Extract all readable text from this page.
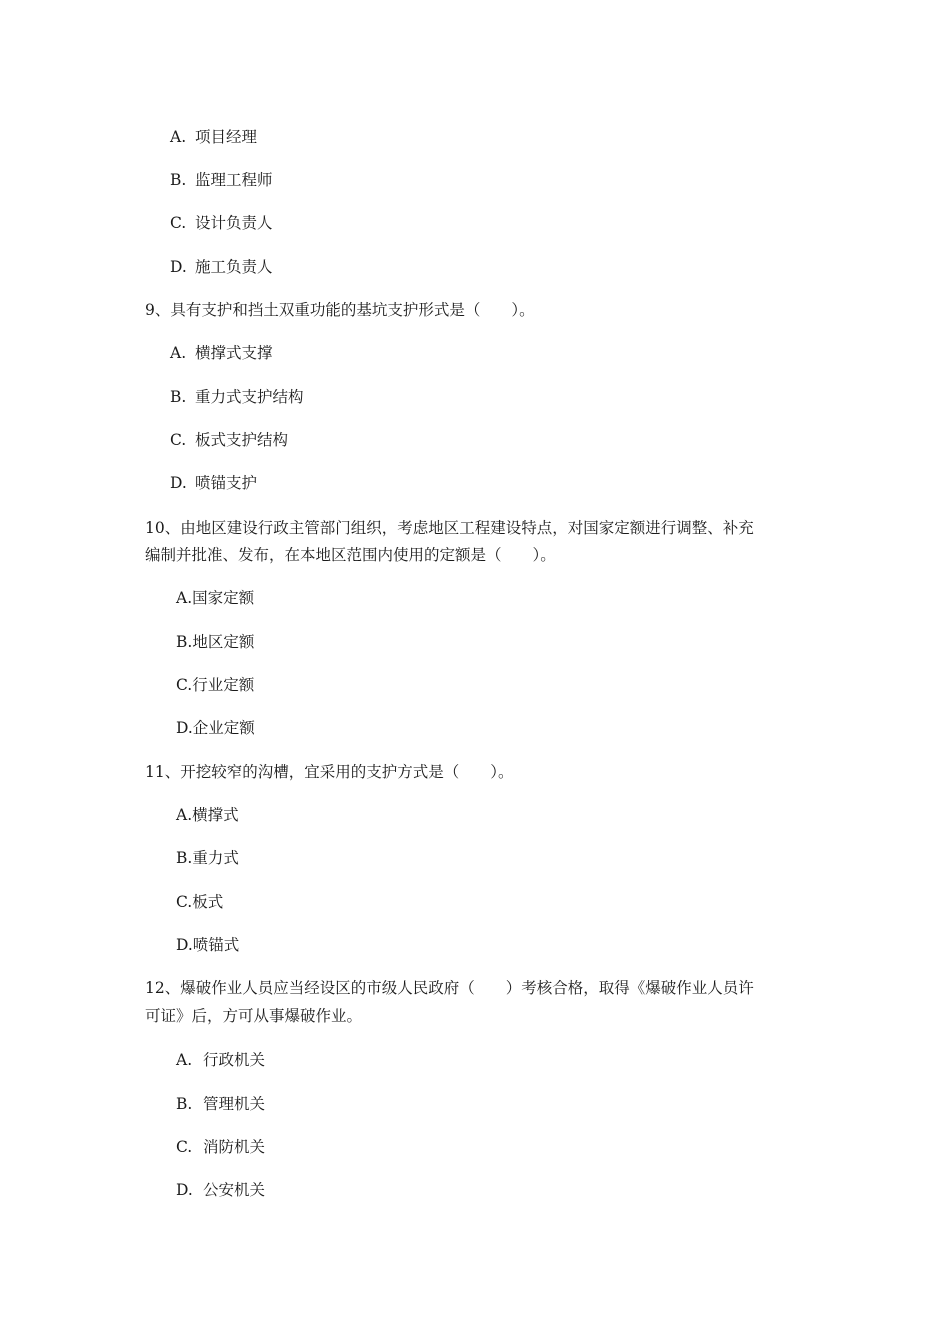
A. 项目经理
B. 监理工程师
C. 设计负责人
D. 施工负责人
9、具有支护和挡土双重功能的基坑支护形式是（　　）。
A. 横撑式支撑
B. 重力式支护结构
C. 板式支护结构
D. 喷锚支护
10、由地区建设行政主管部门组织，考虑地区工程建设特点，对国家定额进行调整、补充
编制并批准、发布，在本地区范围内使用的定额是（　　）。
A.国家定额
B.地区定额
C.行业定额
D.企业定额
11、开挖较窄的沟槽，宜采用的支护方式是（　　）。
A.横撑式
B.重力式
C.板式
D.喷锚式
12、爆破作业人员应当经设区的市级人民政府（　　）考核合格，取得《爆破作业人员许
可证》后，方可从事爆破作业。
A. 行政机关
B. 管理机关
C. 消防机关
D. 公安机关
